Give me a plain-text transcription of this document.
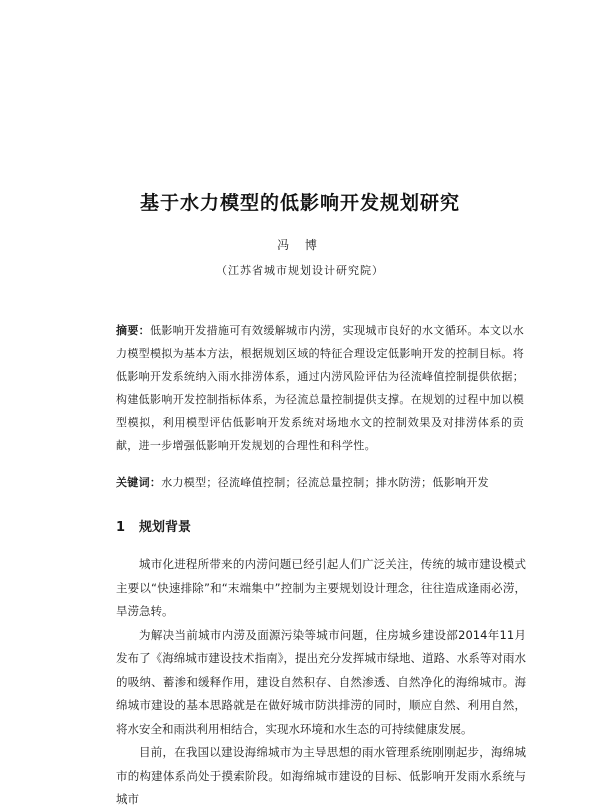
基于水力模型的低影响开发规划研究
冯 博
（江苏省城市规划设计研究院）
摘要：低影响开发措施可有效缓解城市内涝，实现城市良好的水文循环。本文以水力模型模拟为基本方法，根据规划区域的特征合理设定低影响开发的控制目标。将低影响开发系统纳入雨水排涝体系，通过内涝风险评估为径流峰值控制提供依据；构建低影响开发控制指标体系，为径流总量控制提供支撑。在规划的过程中加以模型模拟，利用模型评估低影响开发系统对场地水文的控制效果及对排涝体系的贡献，进一步增强低影响开发规划的合理性和科学性。
关键词：水力模型；径流峰值控制；径流总量控制；排水防涝；低影响开发
1 规划背景

城市化进程所带来的内涝问题已经引起人们广泛关注，传统的城市建设模式主要以“快速排除”和“末端集中”控制为主要规划设计理念，往往造成逢雨必涝，旱涝急转。

为解决当前城市内涝及面源污染等城市问题，住房城乡建设部2014年11月发布了《海绵城市建设技术指南》，提出充分发挥城市绿地、道路、水系等对雨水的吸纳、蓄渗和缓释作用，建设自然积存、自然渗透、自然净化的海绵城市。海绵城市建设的基本思路就是在做好城市防洪排涝的同时，顺应自然、利用自然，将水安全和雨洪利用相结合，实现水环境和水生态的可持续健康发展。

目前，在我国以建设海绵城市为主导思想的雨水管理系统刚刚起步，海绵城市的构建体系尚处于摸索阶段。如海绵城市建设的目标、低影响开发雨水系统与城市
